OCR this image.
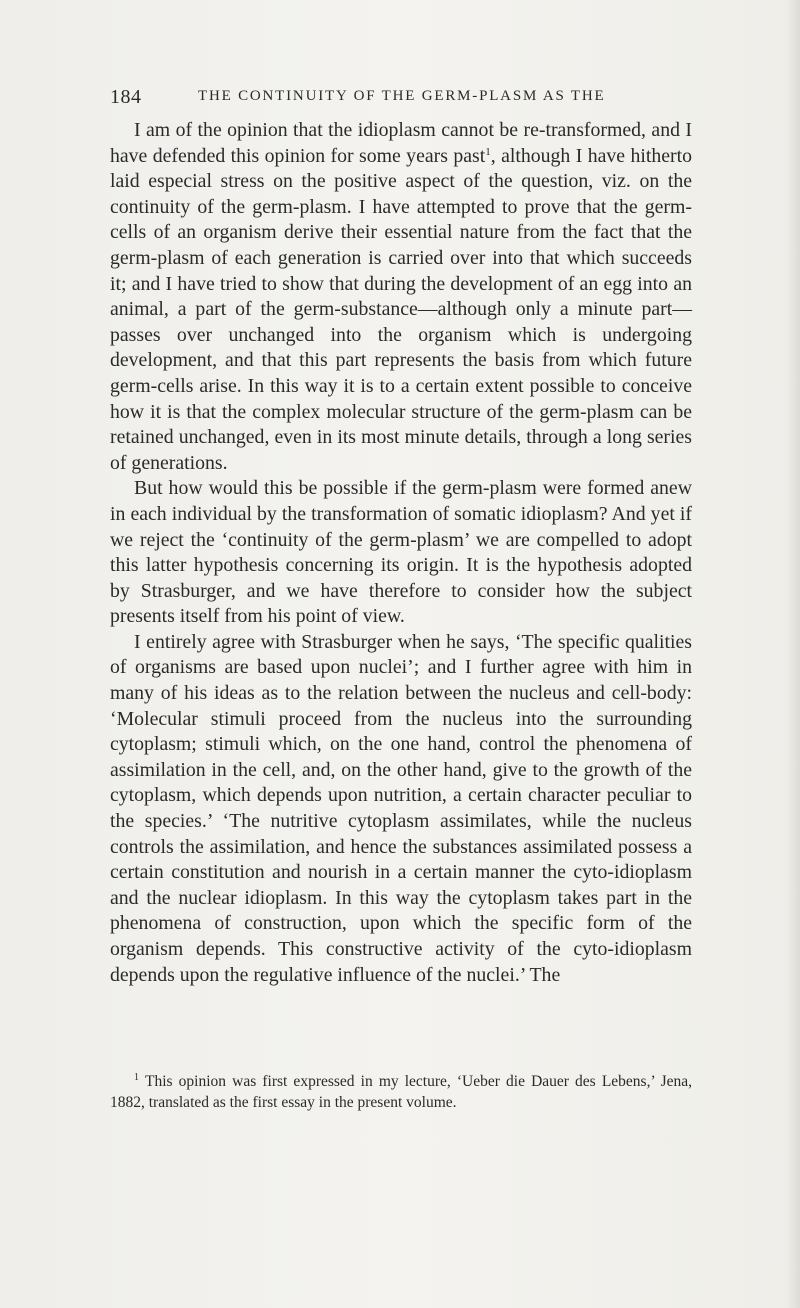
184	THE CONTINUITY OF THE GERM-PLASM AS THE

I am of the opinion that the idioplasm cannot be re-transformed, and I have defended this opinion for some years past$^1$, although I have hitherto laid especial stress on the positive aspect of the question, viz. on the continuity of the germ-plasm. I have attempted to prove that the germ-cells of an organism derive their essential nature from the fact that the germ-plasm of each generation is carried over into that which succeeds it; and I have tried to show that during the development of an egg into an animal, a part of the germ-substance—although only a minute part—passes over unchanged into the organism which is undergoing development, and that this part represents the basis from which future germ-cells arise. In this way it is to a certain extent possible to conceive how it is that the complex molecular structure of the germ-plasm can be retained unchanged, even in its most minute details, through a long series of generations.

But how would this be possible if the germ-plasm were formed anew in each individual by the transformation of somatic idioplasm? And yet if we reject the ‘continuity of the germ-plasm’ we are compelled to adopt this latter hypothesis concerning its origin. It is the hypothesis adopted by Strasburger, and we have therefore to consider how the subject presents itself from his point of view.

I entirely agree with Strasburger when he says, ‘The specific qualities of organisms are based upon nuclei’; and I further agree with him in many of his ideas as to the relation between the nucleus and cell-body: ‘Molecular stimuli proceed from the nucleus into the surrounding cytoplasm; stimuli which, on the one hand, control the phenomena of assimilation in the cell, and, on the other hand, give to the growth of the cytoplasm, which depends upon nutrition, a certain character peculiar to the species.’ ‘The nutritive cytoplasm assimilates, while the nucleus controls the assimilation, and hence the substances assimilated possess a certain constitution and nourish in a certain manner the cyto-idioplasm and the nuclear idioplasm. In this way the cytoplasm takes part in the phenomena of construction, upon which the specific form of the organism depends. This constructive activity of the cyto-idioplasm depends upon the regulative influence of the nuclei.’ The

$^1$ This opinion was first expressed in my lecture, ‘Ueber die Dauer des Lebens,’ Jena, 1882, translated as the first essay in the present volume.
